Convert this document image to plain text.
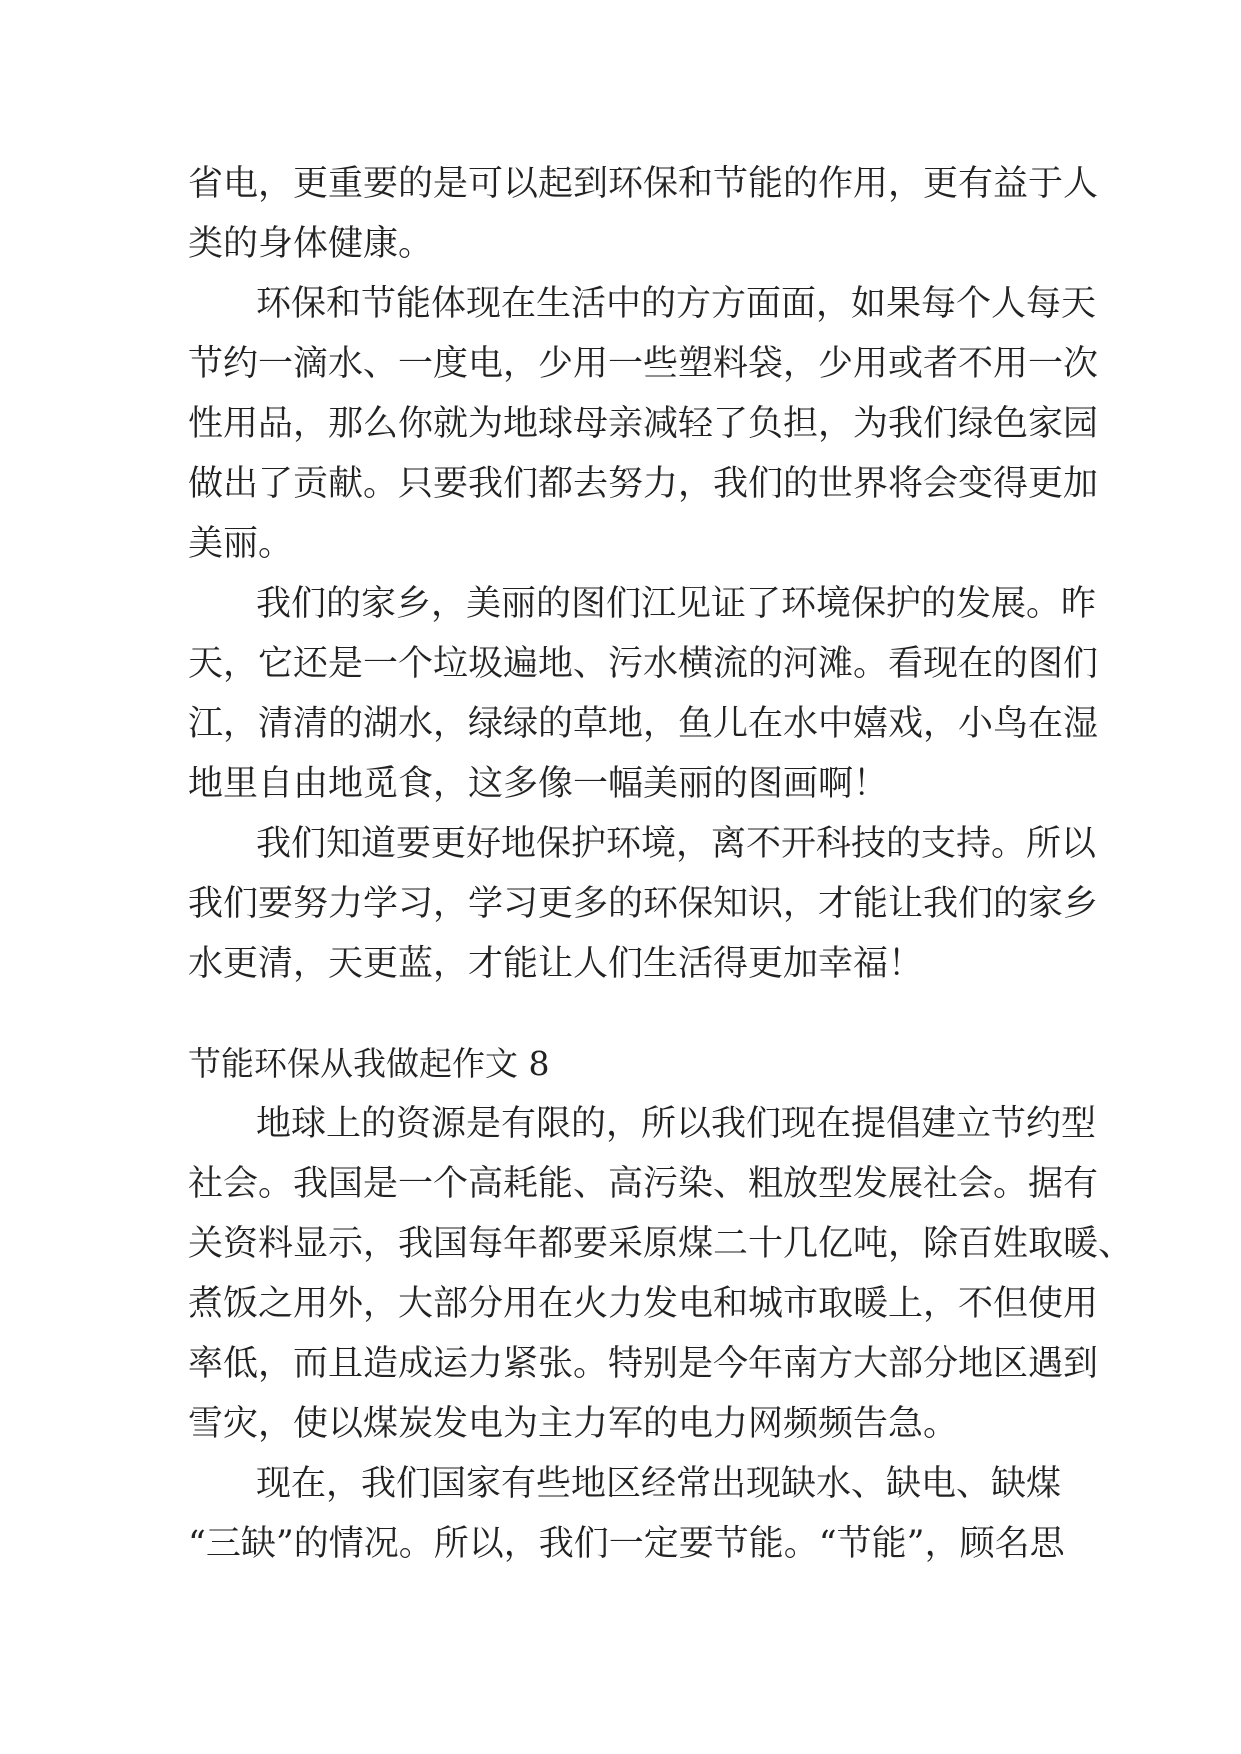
省电，更重要的是可以起到环保和节能的作用，更有益于人
类的身体健康。
环保和节能体现在生活中的方方面面，如果每个人每天
节约一滴水、一度电，少用一些塑料袋，少用或者不用一次
性用品，那么你就为地球母亲减轻了负担，为我们绿色家园
做出了贡献。只要我们都去努力，我们的世界将会变得更加
美丽。
我们的家乡，美丽的图们江见证了环境保护的发展。昨
天，它还是一个垃圾遍地、污水横流的河滩。看现在的图们
江，清清的湖水，绿绿的草地，鱼儿在水中嬉戏，小鸟在湿
地里自由地觅食，这多像一幅美丽的图画啊！
我们知道要更好地保护环境，离不开科技的支持。所以
我们要努力学习，学习更多的环保知识，才能让我们的家乡
水更清，天更蓝，才能让人们生活得更加幸福！
节能环保从我做起作文 8
地球上的资源是有限的，所以我们现在提倡建立节约型
社会。我国是一个高耗能、高污染、粗放型发展社会。据有
关资料显示，我国每年都要采原煤二十几亿吨，除百姓取暖、
煮饭之用外，大部分用在火力发电和城市取暖上，不但使用
率低，而且造成运力紧张。特别是今年南方大部分地区遇到
雪灾，使以煤炭发电为主力军的电力网频频告急。
现在，我们国家有些地区经常出现缺水、缺电、缺煤
“三缺”的情况。所以，我们一定要节能。“节能”，顾名思
